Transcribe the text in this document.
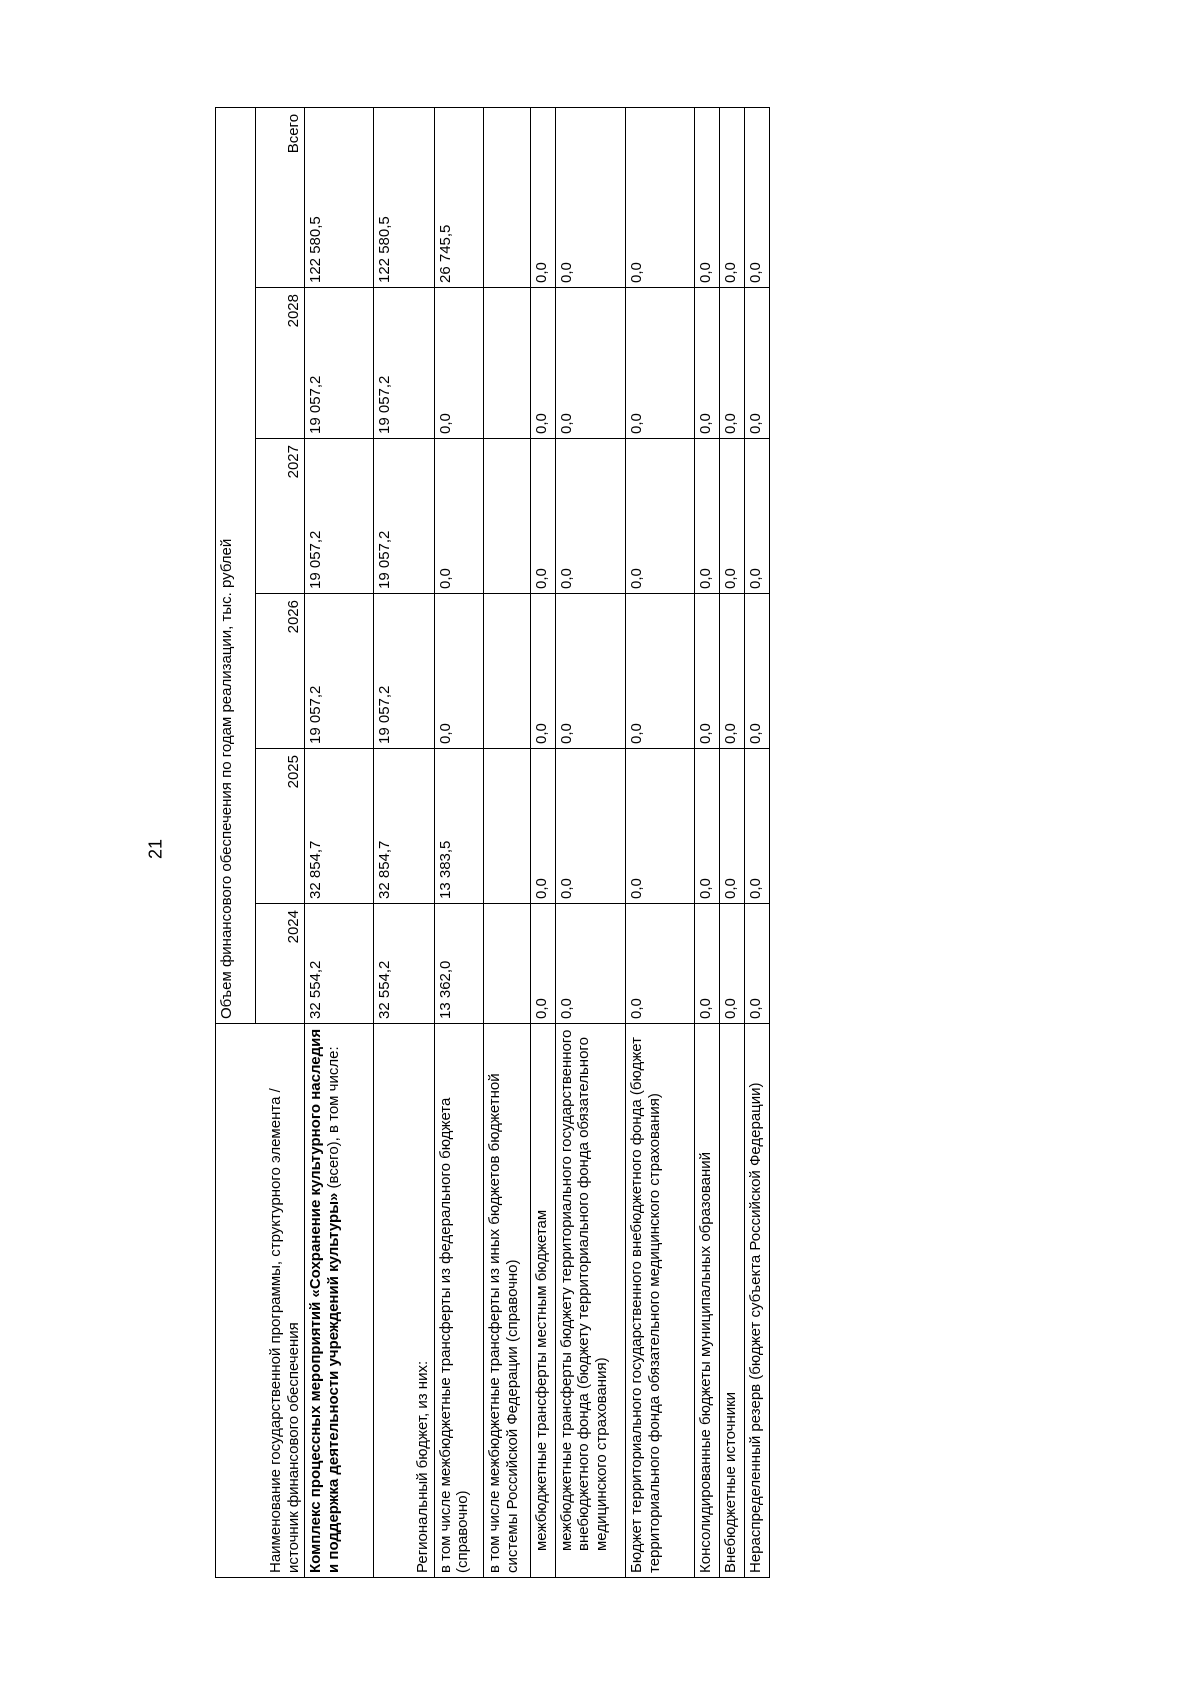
21
Наименование государственной программы, структурного элемента / источник финансового обеспечения	Объем финансового обеспечения по годам реализации, тыс. рублей					
	2024	2025	2026	2027	2028	Всего
Комплекс процессных мероприятий «Сохранение культурного наследия и поддержка деятельности учреждений культуры» (всего), в том числе:	32 554,2	32 854,7	19 057,2	19 057,2	19 057,2	122 580,5
Региональный бюджет, из них:	32 554,2	32 854,7	19 057,2	19 057,2	19 057,2	122 580,5
в том числе межбюджетные трансферты из федерального бюджета (справочно)	13 362,0	13 383,5	0,0	0,0	0,0	26 745,5
в том числе межбюджетные трансферты из иных бюджетов бюджетной системы Российской Федерации (справочно)						
межбюджетные трансферты местным бюджетам	0,0	0,0	0,0	0,0	0,0	0,0
межбюджетные трансферты бюджету территориального государственного внебюджетного фонда (бюджету территориального фонда обязательного медицинского страхования)	0,0	0,0	0,0	0,0	0,0	0,0
Бюджет территориального государственного внебюджетного фонда (бюджет территориального фонда обязательного медицинского страхования)	0,0	0,0	0,0	0,0	0,0	0,0
Консолидированные бюджеты муниципальных образований	0,0	0,0	0,0	0,0	0,0	0,0
Внебюджетные источники	0,0	0,0	0,0	0,0	0,0	0,0
Нераспределенный резерв (бюджет субъекта Российской Федерации)	0,0	0,0	0,0	0,0	0,0	0,0
